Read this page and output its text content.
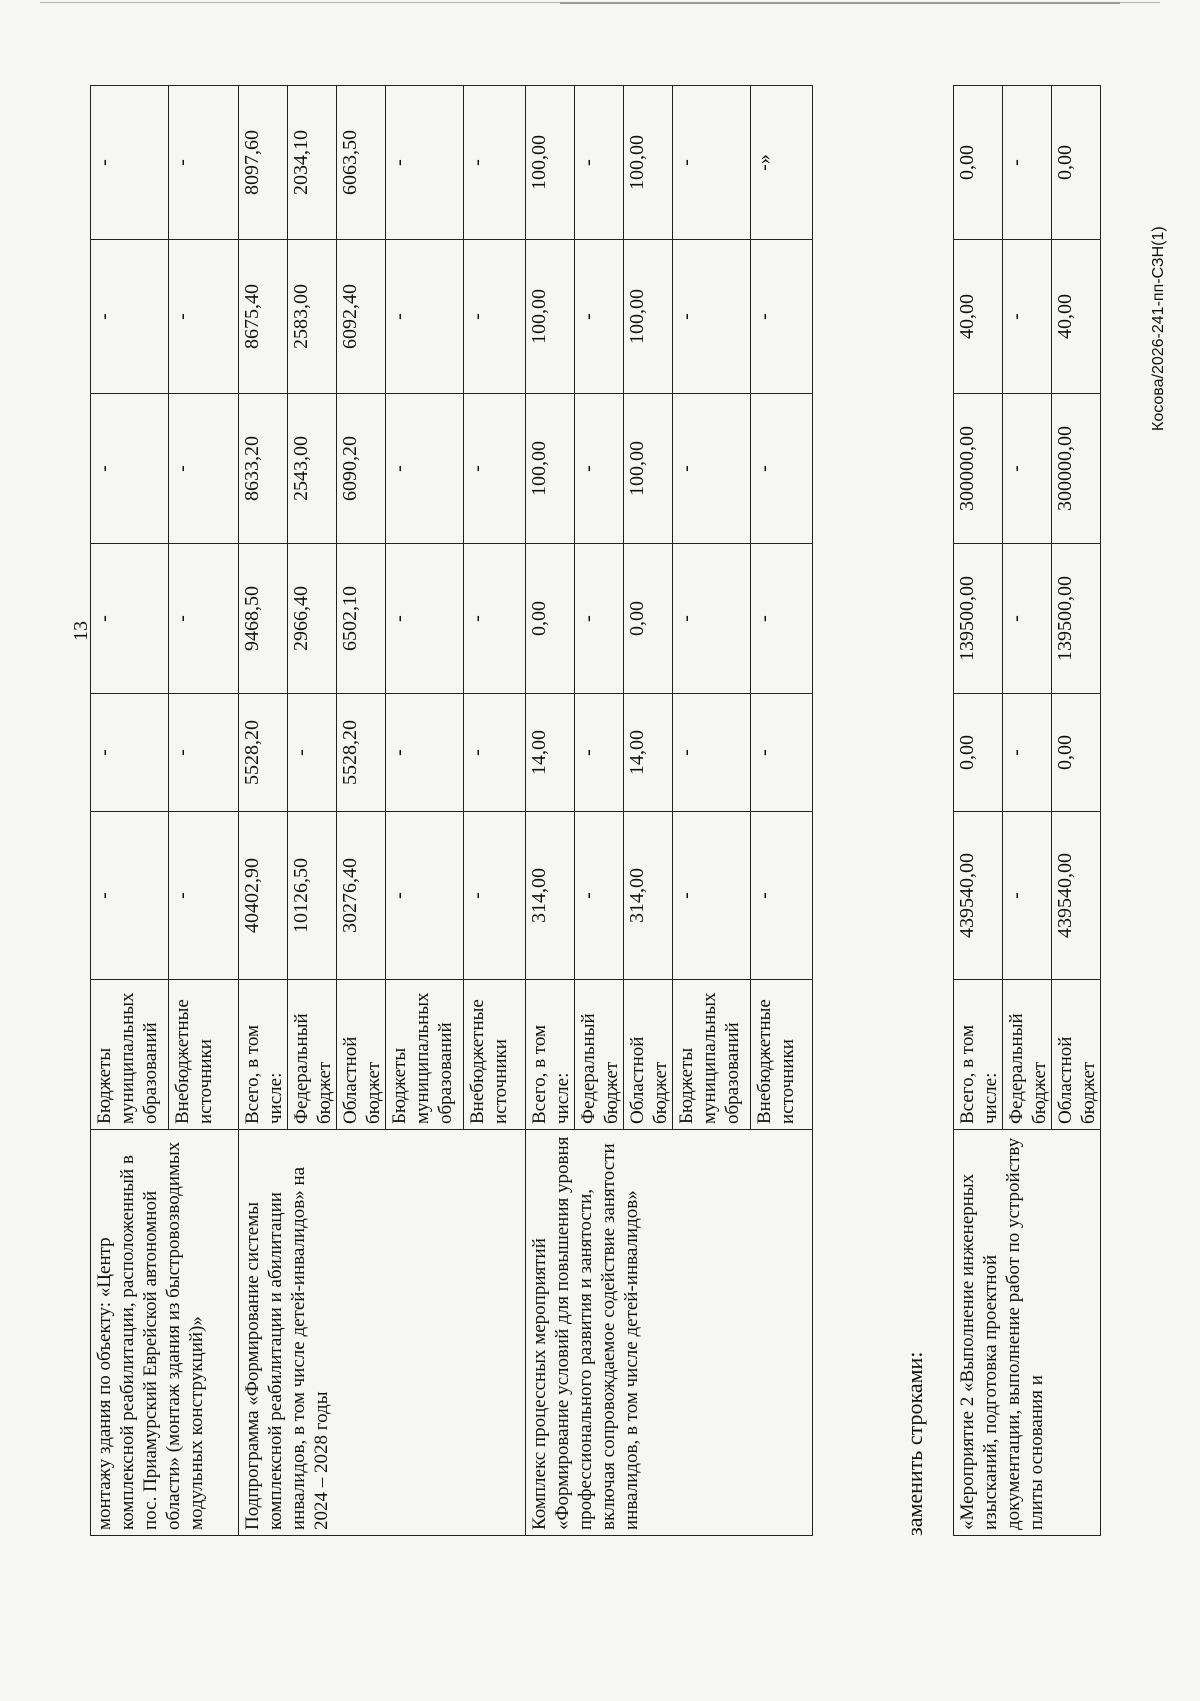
13
монтажу здания по объекту: «Центр комплексной реабилитации, расположенный в пос. Приамурский Еврейской автономной области» (монтаж здания из быстровозводимых модульных конструкций)»	Бюджеты муниципальных образований	-	-	-	-	-	-
	Внебюджетные источники	-	-	-	-	-	-
Подпрограмма «Формирование системы комплексной реабилитации и абилитации инвалидов, в том числе детей-инвалидов» на 2024 – 2028 годы	Всего, в том числе:	40402,90	5528,20	9468,50	8633,20	8675,40	8097,60
	Федеральный бюджет	10126,50	-	2966,40	2543,00	2583,00	2034,10
	Областной бюджет	30276,40	5528,20	6502,10	6090,20	6092,40	6063,50
	Бюджеты муниципальных образований	-	-	-	-	-	-
	Внебюджетные источники	-	-	-	-	-	-
Комплекс процессных мероприятий «Формирование условий для повышения уровня профессионального развития и занятости, включая сопровождаемое содействие занятости инвалидов, в том числе детей-инвалидов»	Всего, в том числе:	314,00	14,00	0,00	100,00	100,00	100,00
	Федеральный бюджет	-	-	-	-	-	-
	Областной бюджет	314,00	14,00	0,00	100,00	100,00	100,00
	Бюджеты муниципальных образований	-	-	-	-	-	-
	Внебюджетные источники	-	-	-	-	-	-»
заменить строками: «Мероприятие 2 «Выполнение инженерных изысканий, подготовка проектной документации, выполнение работ по устройству плиты основания и	Всего, в том числе:	439540,00	0,00	139500,00	300000,00	40,00	0,00
	Федеральный бюджет	-	-	-	-	-	-
	Областной бюджет	439540,00	0,00	139500,00	300000,00	40,00	0,00
Косова/2026-241-пп-СЗН(1)
